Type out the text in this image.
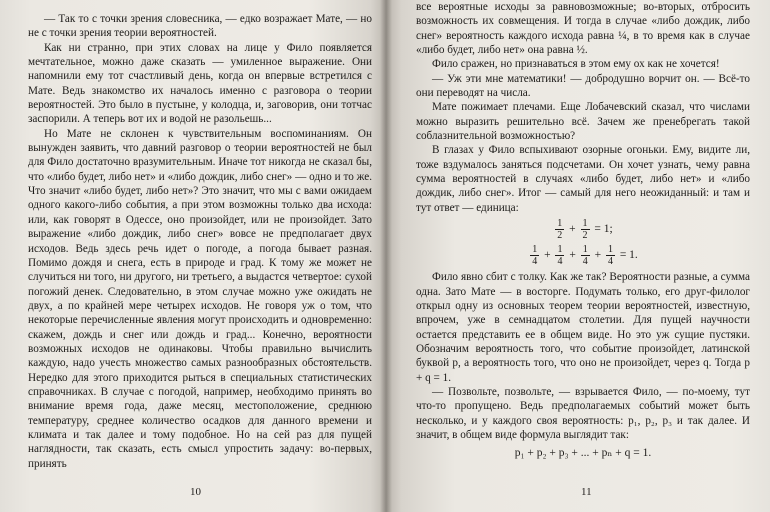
— Так то с точки зрения словесника, — едко возражает Мате, — но не с точки зрения теории вероятностей.

Как ни странно, при этих словах на лице у Фило появляется мечтательное, можно даже сказать — умиленное выражение. Они напомнили ему тот счастливый день, когда он впервые встретился с Мате. Ведь знакомство их началось именно с разговора о теории вероятностей. Это было в пустыне, у колодца, и, заговорив, они тотчас заспорили. А теперь вот их и водой не разольешь...

Но Мате не склонен к чувствительным воспоминаниям. Он вынужден заявить, что давний разговор о теории вероятностей не был для Фило достаточно вразумительным. Иначе тот никогда не сказал бы, что «либо будет, либо нет» и «либо дождик, либо снег» — одно и то же. Что значит «либо будет, либо нет»? Это значит, что мы с вами ожидаем одного какого-либо события, а при этом возможны только два исхода: или, как говорят в Одессе, оно произойдет, или не произойдет. Зато выражение «либо дождик, либо снег» вовсе не предполагает двух исходов. Ведь здесь речь идет о погоде, а погода бывает разная. Помимо дождя и снега, есть в природе и град. К тому же может не случиться ни того, ни другого, ни третьего, а выдастся четвертое: сухой погожий денек. Следовательно, в этом случае можно уже ожидать не двух, а по крайней мере четырех исходов. Не говоря уж о том, что некоторые перечисленные явления могут происходить и одновременно: скажем, дождь и снег или дождь и град... Конечно, вероятности возможных исходов не одинаковы. Чтобы правильно вычислить каждую, надо учесть множество самых разнообразных обстоятельств. Нередко для этого приходится рыться в специальных статистических справочниках. В случае с погодой, например, необходимо принять во внимание время года, даже месяц, местоположение, среднюю температуру, среднее количество осадков для данного времени и климата и так далее и тому подобное. Но на сей раз для пущей наглядности, так сказать, есть смысл упростить задачу: во-первых, принять

10

все вероятные исходы за равновозможные; во-вторых, отбросить возможность их совмещения. И тогда в случае «либо дождик, либо снег» вероятность каждого исхода равна ¼, в то время как в случае «либо будет, либо нет» она равна ½.

Фило сражен, но признаваться в этом ему ох как не хочется!

— Уж эти мне математики! — добродушно ворчит он. — Всё-то они переводят на числа.

Мате пожимает плечами. Еще Лобачевский сказал, что числами можно выразить решительно всё. Зачем же пренебрегать такой соблазнительной возможностью?

В глазах у Фило вспыхивают озорные огоньки. Ему, видите ли, тоже вздумалось заняться подсчетами. Он хочет узнать, чему равна сумма вероятностей в случаях «либо будет, либо нет» и «либо дождик, либо снег». Итог — самый для него неожиданный: и там и тут ответ — единица:

$\frac{1}{2} + \frac{1}{2} = 1$;
$\frac{1}{4} + \frac{1}{4} + \frac{1}{4} + \frac{1}{4} = 1$.

Фило явно сбит с толку. Как же так? Вероятности разные, а сумма одна. Зато Мате — в восторге. Подумать только, его друг-филолог открыл одну из основных теорем теории вероятностей, известную, впрочем, уже в семнадцатом столетии. Для пущей научности остается представить ее в общем виде. Но это уж сущие пустяки. Обозначим вероятность того, что событие произойдет, латинской буквой p, а вероятность того, что оно не произойдет, через q. Тогда p + q = 1.

— Позвольте, позвольте, — взрывается Фило, — по-моему, тут что-то пропущено. Ведь предполагаемых событий может быть несколько, и у каждого своя вероятность: p₁, p₂, p₃ и так далее. И значит, в общем виде формула выглядит так:

p₁ + p₂ + p₃ + ... + pₙ + q = 1.
11
